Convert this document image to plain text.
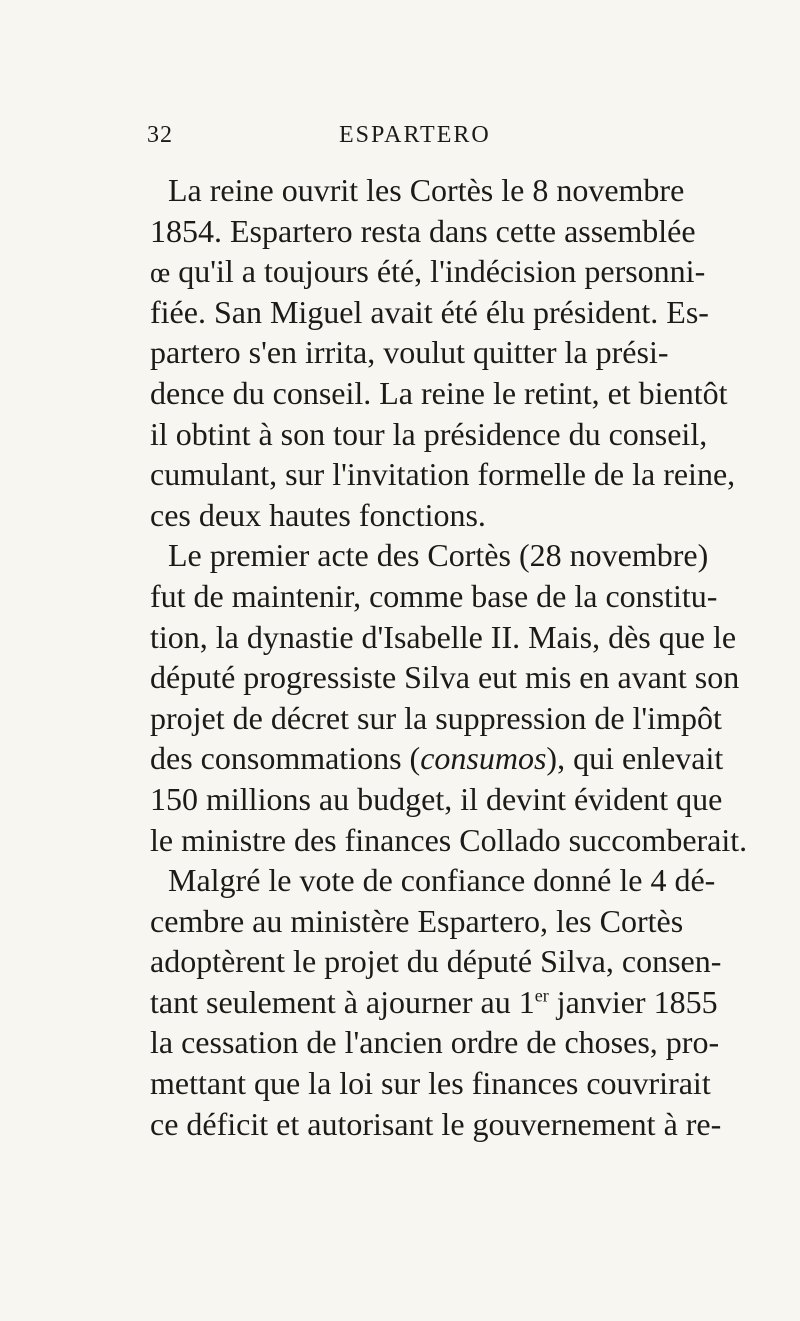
32	ESPARTERO
La reine ouvrit les Cortès le 8 novembre
1854. Espartero resta dans cette assemblée
œ qu'il a toujours été, l'indécision personni-
fiée. San Miguel avait été élu président. Es-
partero s'en irrita, voulut quitter la prési-
dence du conseil. La reine le retint, et bientôt
il obtint à son tour la présidence du conseil,
cumulant, sur l'invitation formelle de la reine,
ces deux hautes fonctions.
Le premier acte des Cortès (28 novembre)
fut de maintenir, comme base de la constitu-
tion, la dynastie d'Isabelle II. Mais, dès que le
député progressiste Silva eut mis en avant son
projet de décret sur la suppression de l'impôt
des consommations (consumos), qui enlevait
150 millions au budget, il devint évident que
le ministre des finances Collado succomberait.
Malgré le vote de confiance donné le 4 dé-
cembre au ministère Espartero, les Cortès
adoptèrent le projet du député Silva, consen-
tant seulement à ajourner au 1er janvier 1855
la cessation de l'ancien ordre de choses, pro-
mettant que la loi sur les finances couvrirait
ce déficit et autorisant le gouvernement à re-
